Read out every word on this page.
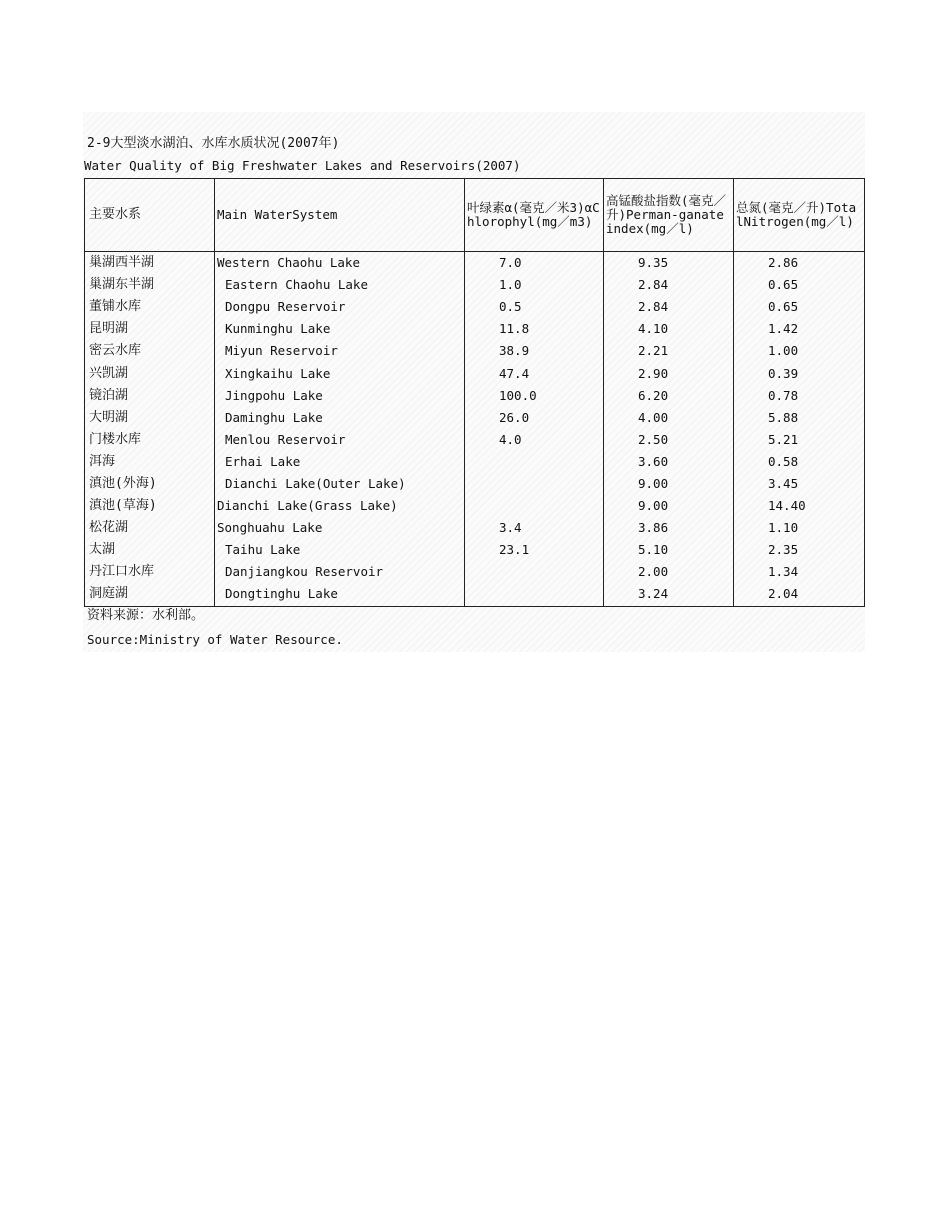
2-9大型淡水湖泊、水库水质状况(2007年)
Water Quality of Big Freshwater Lakes and Reservoirs(2007)
主要水系	Main WaterSystem	叶绿素α(毫克／米3)αChlorophyl(mg／m3)	高锰酸盐指数(毫克／升)Perman-ganateindex(mg／l)	总氮(毫克／升)TotalNitrogen(mg／l)
巢湖西半湖	Western Chaohu Lake	7.0	9.35	2.86
巢湖东半湖	Eastern Chaohu Lake	1.0	2.84	0.65
董铺水库	Dongpu Reservoir	0.5	2.84	0.65
昆明湖	Kunminghu Lake	11.8	4.10	1.42
密云水库	Miyun Reservoir	38.9	2.21	1.00
兴凯湖	Xingkaihu Lake	47.4	2.90	0.39
镜泊湖	Jingpohu Lake	100.0	6.20	0.78
大明湖	Daminghu Lake	26.0	4.00	5.88
门楼水库	Menlou Reservoir	4.0	2.50	5.21
洱海	Erhai Lake		3.60	0.58
滇池(外海)	Dianchi Lake(Outer Lake)		9.00	3.45
滇池(草海)	Dianchi Lake(Grass Lake)		9.00	14.40
松花湖	Songhuahu Lake	3.4	3.86	1.10
太湖	Taihu Lake	23.1	5.10	2.35
丹江口水库	Danjiangkou Reservoir		2.00	1.34
洞庭湖	Dongtinghu Lake		3.24	2.04
资料来源：水利部。
Source:Ministry of Water Resource.
